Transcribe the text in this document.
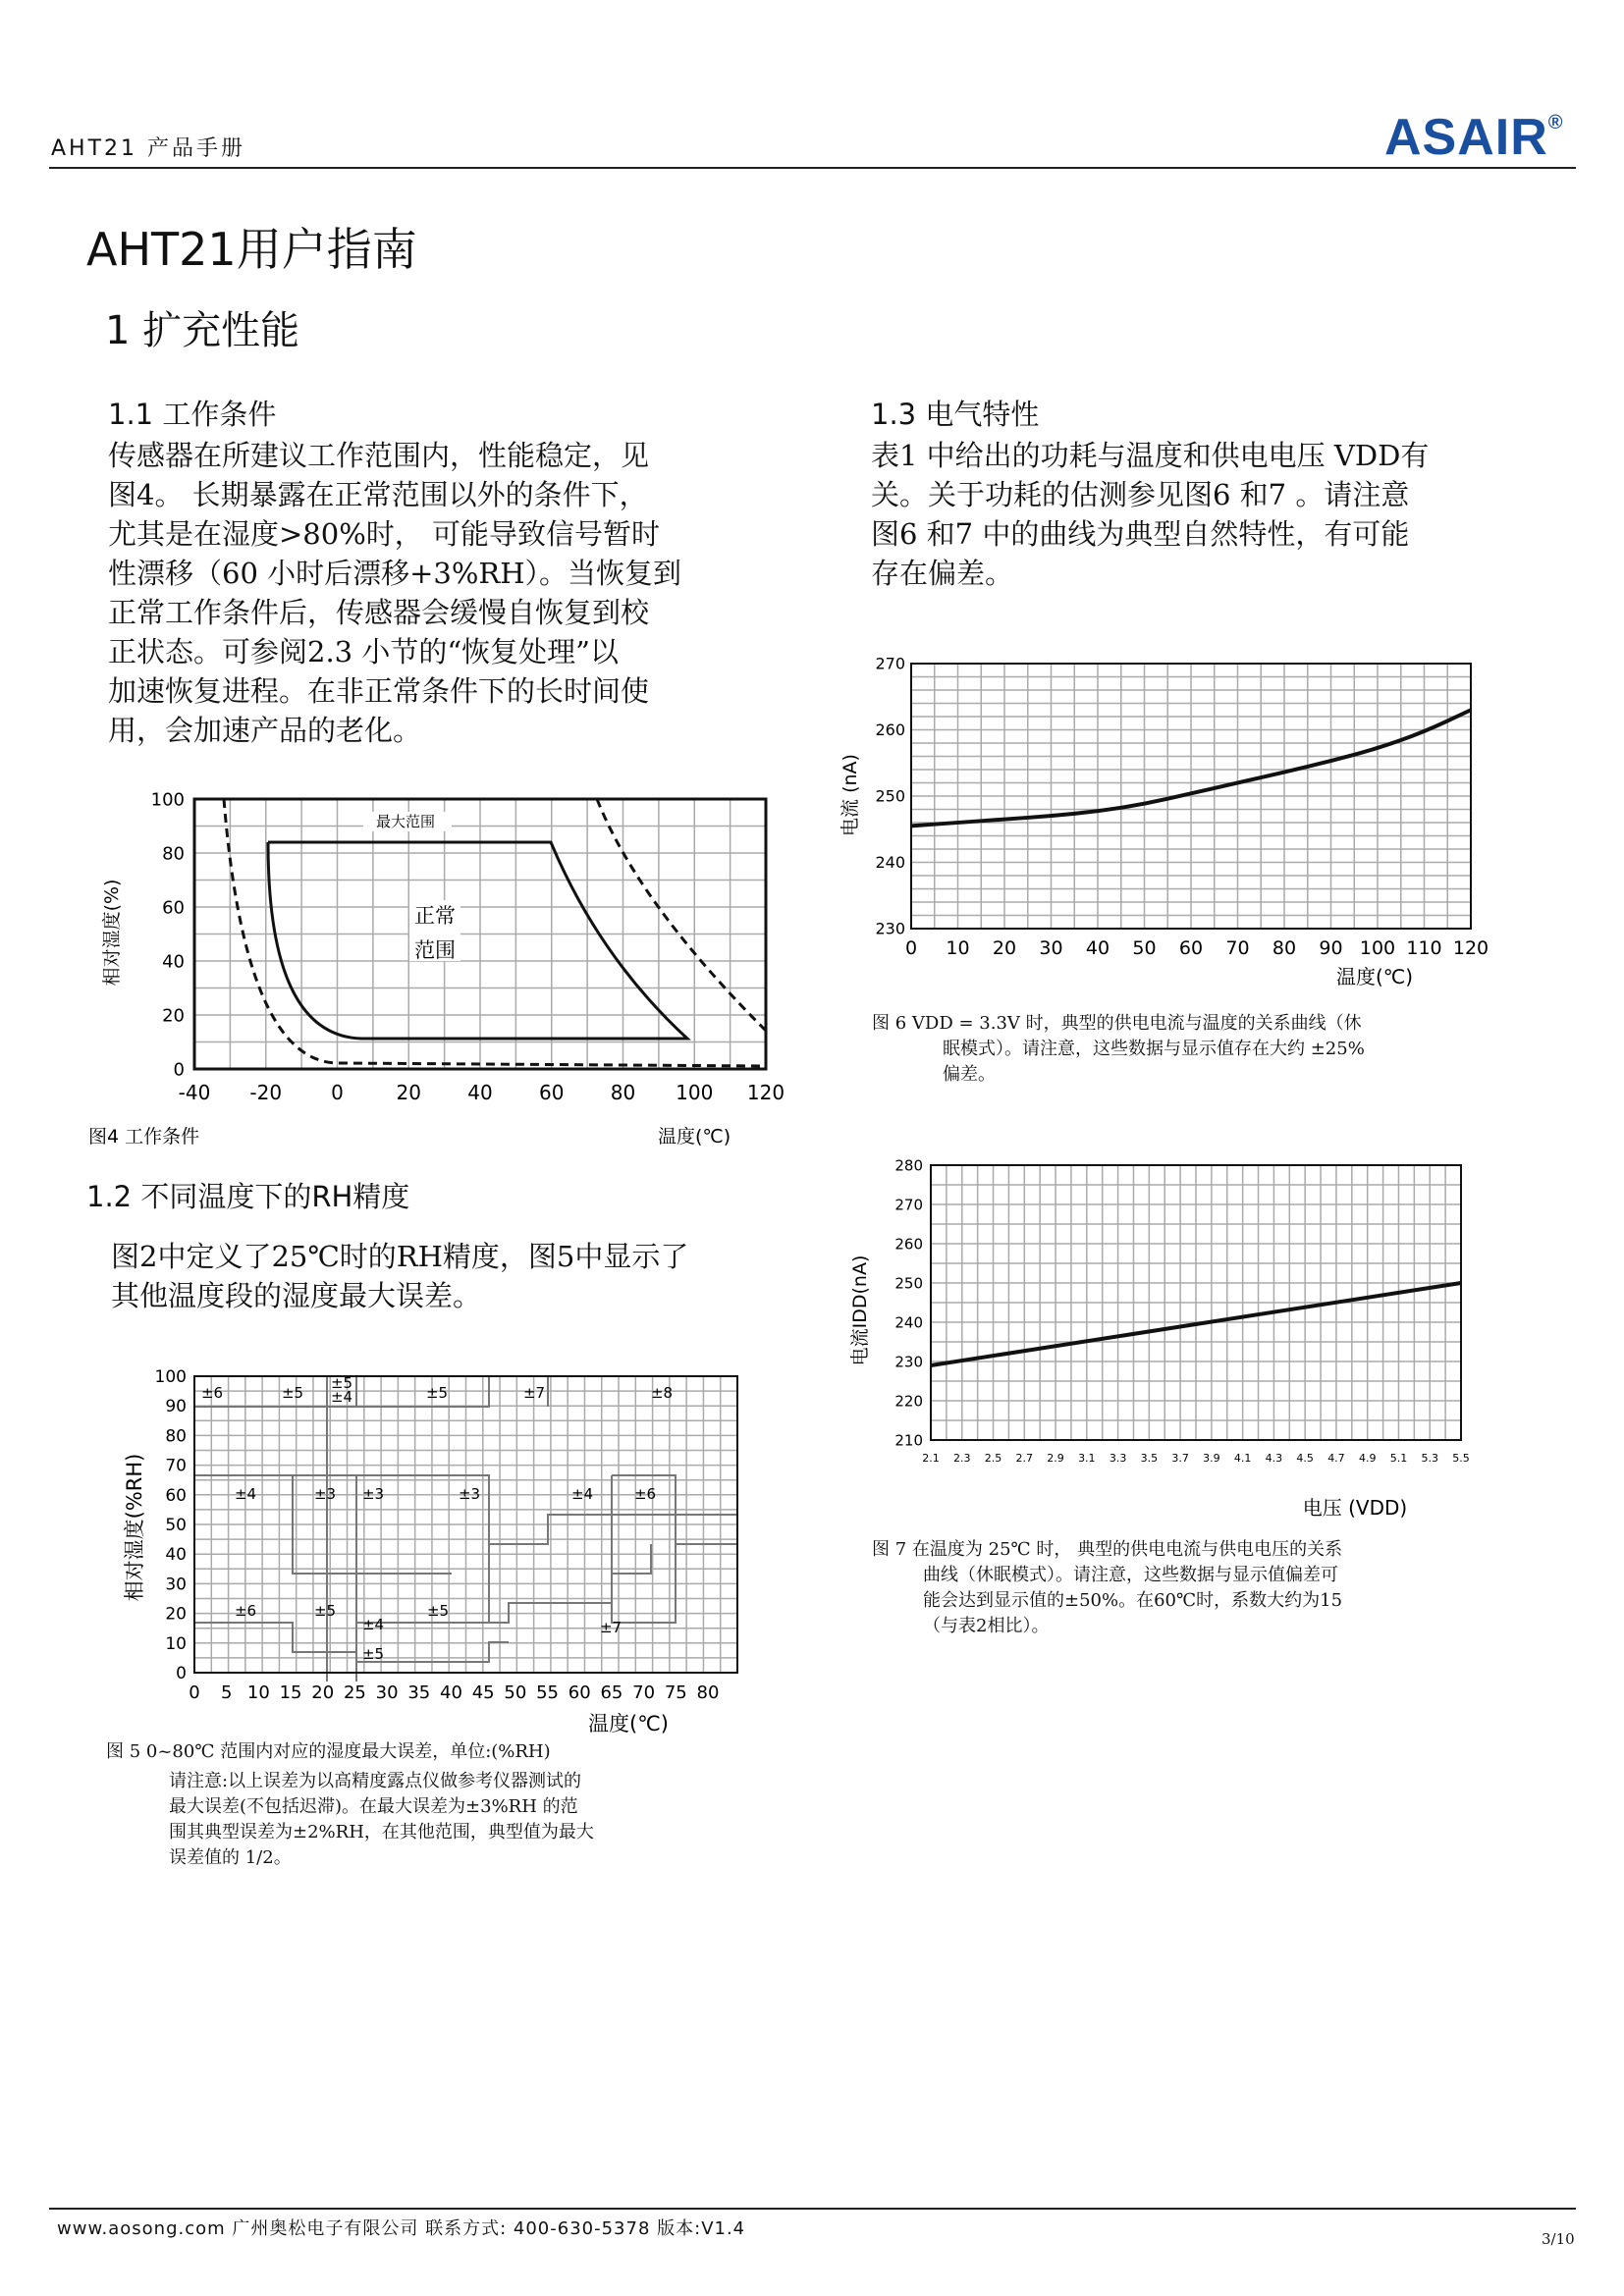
AHT21 产品手册	ASAIR®
AHT21用户指南
1 扩充性能
1.1 工作条件
传感器在所建议工作范围内，性能稳定，见
图4。 长期暴露在正常范围以外的条件下，
尤其是在湿度>80%时， 可能导致信号暂时
性漂移（60 小时后漂移+3%RH）。当恢复到
正常工作条件后，传感器会缓慢自恢复到校
正状态。可参阅2.3 小节的“恢复处理”以
加速恢复进程。在非正常条件下的长时间使
用，会加速产品的老化。
最大范围
正常
范围
-40 -20	0	20 40 60 80 100 120
0
20
40
60
80
100
相对湿度(%)
图4 工作条件	温度(℃)
1.2 不同温度下的RH精度
图2中定义了25℃时的RH精度，图5中显示了
其他温度段的湿度最大误差。
±6	±5
±5
±4	±5	±7	±8
±4	±3 ±3	±3	±4	±6
±6	±5
±4
±5
±5
±7
0 5 10 15 20 25 30 35 40 45 50 55 60 65 70 75 80
0
10
20
30
40
50
60
70
80
90
100
相对湿度(%RH)
温度(℃)
图 5 0~80℃ 范围内对应的湿度最大误差，单位:(%RH)
请注意:以上误差为以高精度露点仪做参考仪器测试的
最大误差(不包括迟滞)。在最大误差为±3%RH 的范
围其典型误差为±2%RH，在其他范围，典型值为最大
误差值的 1/2。
1.3 电气特性
表1 中给出的功耗与温度和供电电压 VDD有
关。关于功耗的估测参见图6 和7 。请注意
图6 和7 中的曲线为典型自然特性，有可能
存在偏差。
0 10 20 30 40 50 60 70 80 90 100 110 120
230
240
250
260
270
电流 (nA)
温度(℃)
图 6 VDD = 3.3V 时，典型的供电电流与温度的关系曲线（休
眠模式）。请注意，这些数据与显示值存在大约 ±25%
偏差。
2.1 2.3 2.5 2.7 2.9 3.1 3.3 3.5 3.7 3.9 4.1 4.3 4.5 4.7 4.9 5.1 5.3 5.5
210
220
230
240
250
260
270
280
电流IDD(nA)
电压 (VDD)
图 7 在温度为 25℃ 时， 典型的供电电流与供电电压的关系
曲线（休眠模式）。请注意，这些数据与显示值偏差可
能会达到显示值的±50%。在60℃时，系数大约为15
（与表2相比）。
www.aosong.com 广州奥松电子有限公司 联系方式: 400-630-5378 版本:V1.4	3/10
